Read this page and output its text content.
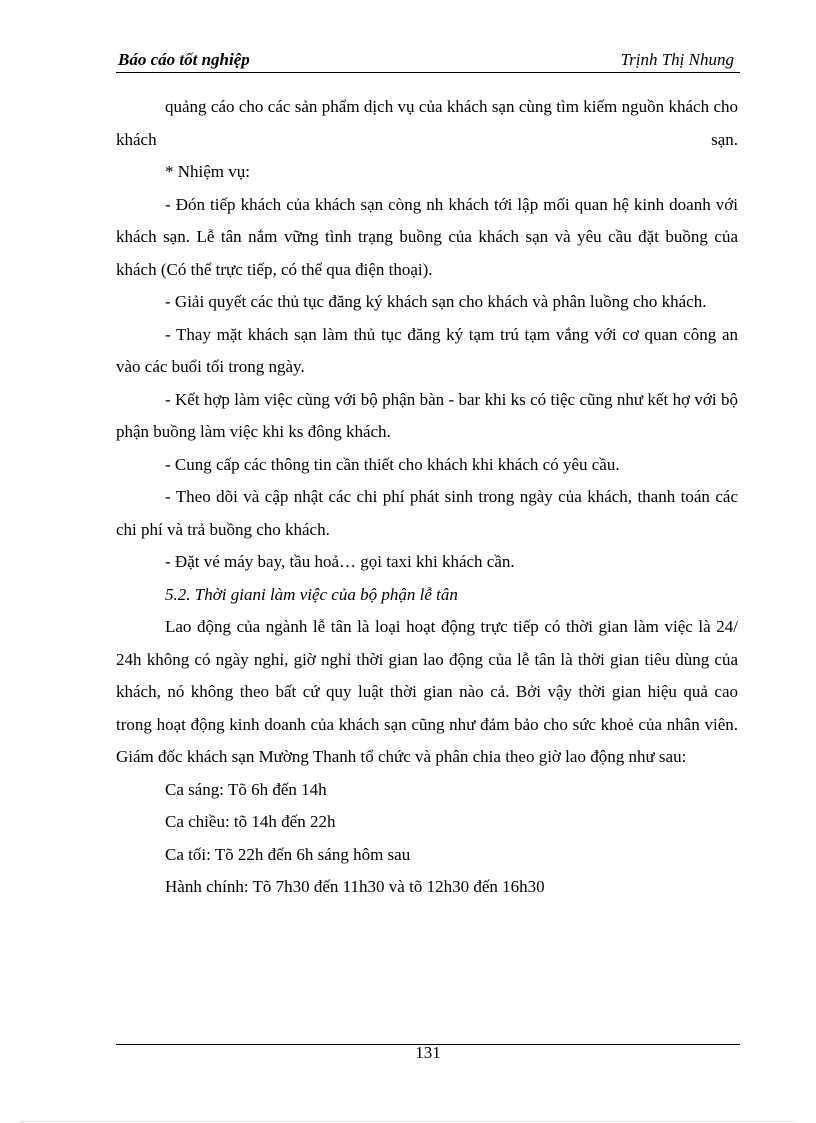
Báo cáo tốt nghiệp	Trịnh Thị Nhung

quảng cáo cho các sản phẩm dịch vụ của khách sạn cùng tìm kiếm nguồn khách cho khách sạn.

* Nhiệm vụ:

- Đón tiếp khách của khách sạn còng nh khách tới lập mối quan hệ kinh doanh với khách sạn. Lễ tân nắm vững tình trạng buồng của khách sạn và yêu cầu đặt buồng của khách (Có thể trực tiếp, có thể qua điện thoại).

- Giải quyết các thủ tục đăng ký khách sạn cho khách và phân luồng cho khách.

- Thay mặt khách sạn làm thủ tục đăng ký tạm trú tạm vắng với cơ quan công an vào các buổi tối trong ngày.

- Kết hợp làm việc cùng với bộ phận bàn - bar khi ks có tiệc cũng như kết hợ với bộ phận buồng làm việc khi ks đông khách.

- Cung cấp các thông tin cần thiết cho khách khi khách có yêu cầu.

- Theo dõi và cập nhật các chi phí phát sinh trong ngày của khách, thanh toán các chi phí và trả buồng cho khách.

- Đặt vé máy bay, tầu hoả… gọi taxi khi khách cần.

5.2. Thời giani làm việc của bộ phận lễ tân

Lao động của ngành lễ tân là loại hoạt động trực tiếp có thời gian làm việc là 24/ 24h không có ngày nghỉ, giờ nghỉ thời gian lao động của lễ tân là thời gian tiêu dùng của khách, nó không theo bất cứ quy luật thời gian nào cả. Bởi vậy thời gian hiệu quả cao trong hoạt động kinh doanh của khách sạn cũng như đảm bảo cho sức khoẻ của nhân viên. Giám đốc khách sạn Mường Thanh tổ chức và phân chia theo giờ lao động như sau:

Ca sáng: Tõ 6h đến 14h

Ca chiều: tõ 14h đến 22h

Ca tối: Tõ 22h đến 6h sáng hôm sau

Hành chính: Tõ 7h30 đến 11h30 và tõ 12h30 đến 16h30

131
